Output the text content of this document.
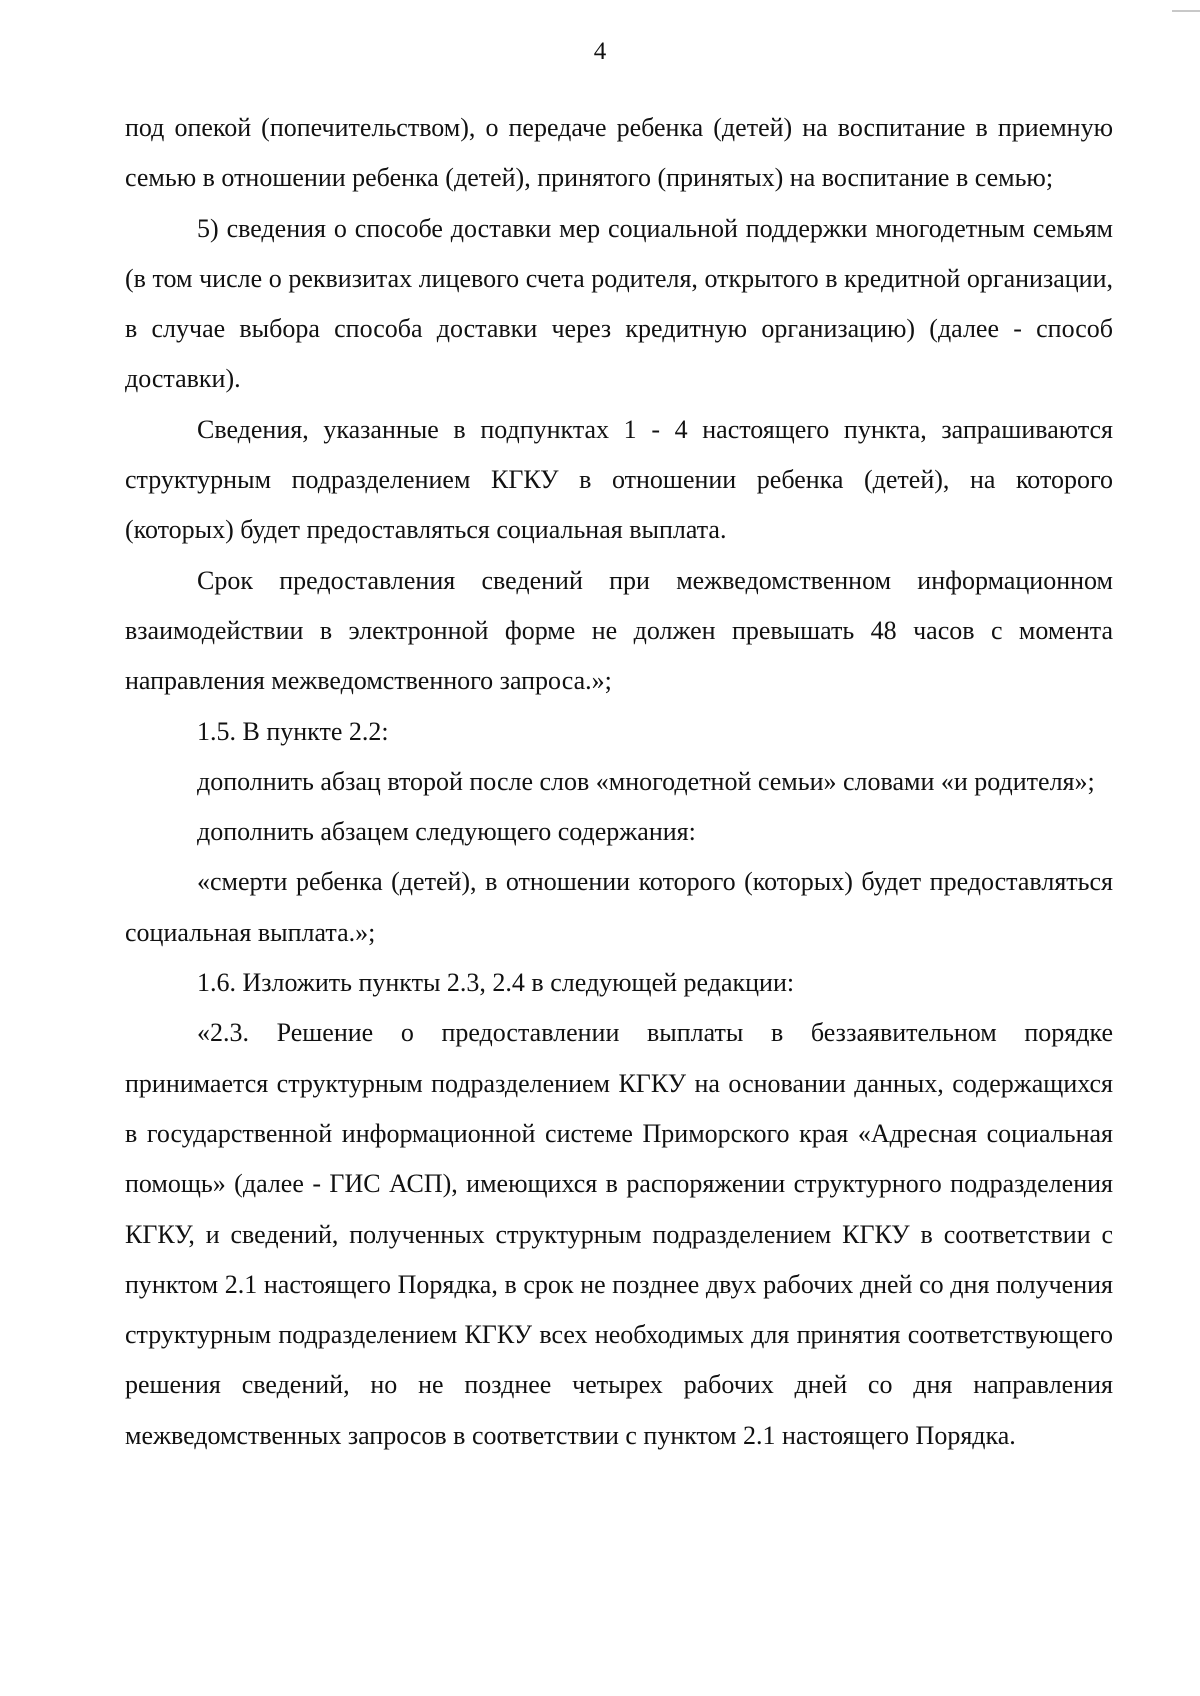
4

под опекой (попечительством), о передаче ребенка (детей) на воспитание в приемную семью в отношении ребенка (детей), принятого (принятых) на воспитание в семью;

5) сведения о способе доставки мер социальной поддержки многодетным семьям (в том числе о реквизитах лицевого счета родителя, открытого в кредитной организации, в случае выбора способа доставки через кредитную организацию) (далее - способ доставки).

Сведения, указанные в подпунктах 1 - 4 настоящего пункта, запрашиваются структурным подразделением КГКУ в отношении ребенка (детей), на которого (которых) будет предоставляться социальная выплата.

Срок предоставления сведений при межведомственном информационном взаимодействии в электронной форме не должен превышать 48 часов с момента направления межведомственного запроса.»;

1.5. В пункте 2.2:

дополнить абзац второй после слов «многодетной семьи» словами «и родителя»;

дополнить абзацем следующего содержания:

«смерти ребенка (детей), в отношении которого (которых) будет предоставляться социальная выплата.»;

1.6. Изложить пункты 2.3, 2.4 в следующей редакции:

«2.3. Решение о предоставлении выплаты в беззаявительном порядке принимается структурным подразделением КГКУ на основании данных, содержащихся в государственной информационной системе Приморского края «Адресная социальная помощь» (далее - ГИС АСП), имеющихся в распоряжении структурного подразделения КГКУ, и сведений, полученных структурным подразделением КГКУ в соответствии с пунктом 2.1 настоящего Порядка, в срок не позднее двух рабочих дней со дня получения структурным подразделением КГКУ всех необходимых для принятия соответствующего решения сведений, но не позднее четырех рабочих дней со дня направления межведомственных запросов в соответствии с пунктом 2.1 настоящего Порядка.
